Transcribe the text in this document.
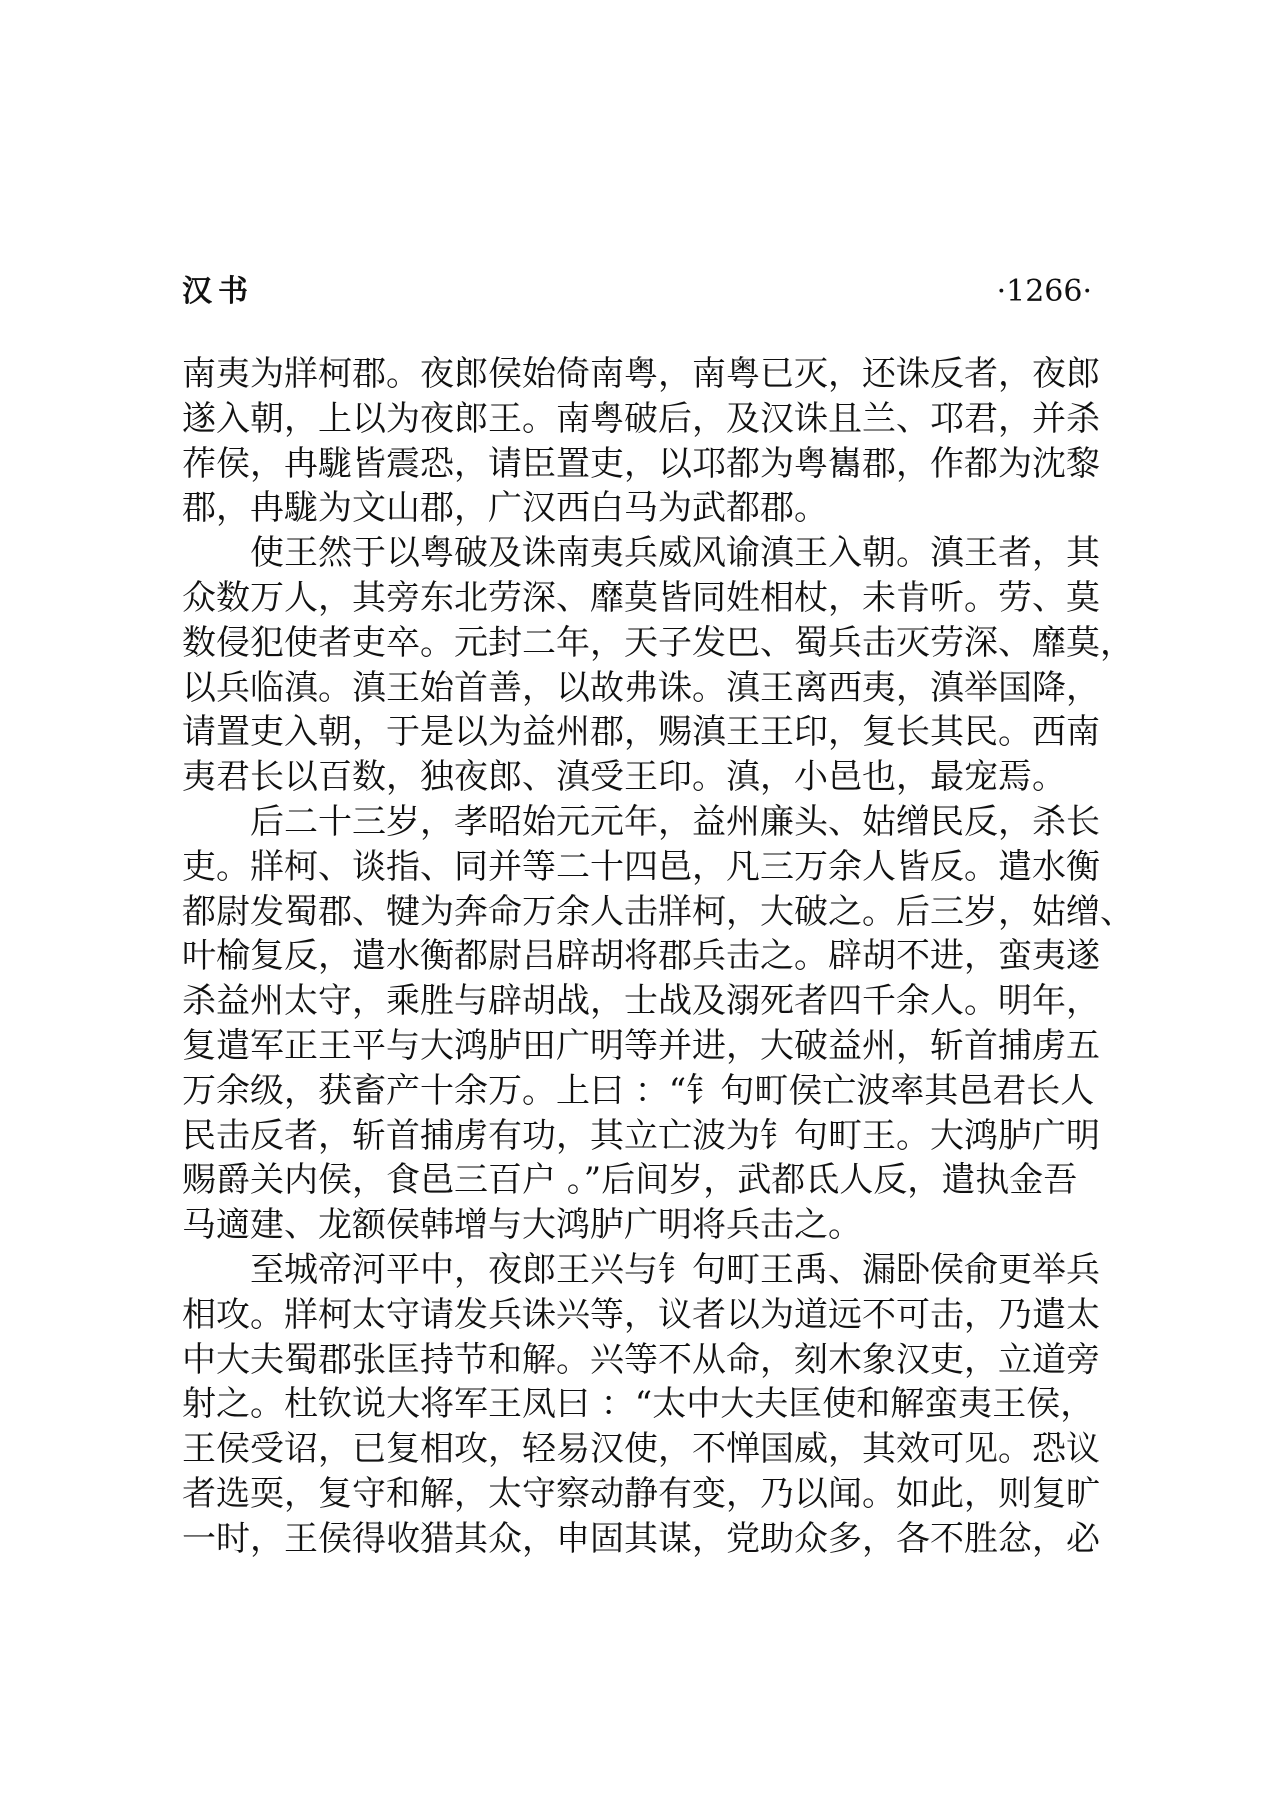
汉书	·1266·
南夷为牂柯郡。夜郎侯始倚南粤，南粤已灭，还诛反者，夜郎
遂入朝，上以为夜郎王。南粤破后，及汉诛且兰、邛君，并杀
莋侯，冉駹皆震恐，请臣置吏，以邛都为粤巂郡，作都为沈黎
郡，冉駹为文山郡，广汉西白马为武都郡。
使王然于以粤破及诛南夷兵威风谕滇王入朝。滇王者，其
众数万人，其旁东北劳深、靡莫皆同姓相杖，未肯听。劳、莫
数侵犯使者吏卒。元封二年，天子发巴、蜀兵击灭劳深、靡莫，
以兵临滇。滇王始首善，以故弗诛。滇王离西夷，滇举国降，
请置吏入朝，于是以为益州郡，赐滇王王印，复长其民。西南
夷君长以百数，独夜郎、滇受王印。滇，小邑也，最宠焉。
后二十三岁，孝昭始元元年，益州廉头、姑缯民反，杀长
吏。牂柯、谈指、同并等二十四邑，凡三万余人皆反。遣水衡
都尉发蜀郡、犍为奔命万余人击牂柯，大破之。后三岁，姑缯、
叶榆复反，遣水衡都尉吕辟胡将郡兵击之。辟胡不进，蛮夷遂
杀益州太守，乘胜与辟胡战，士战及溺死者四千余人。明年，
复遣军正王平与大鸿胪田广明等并进，大破益州，斩首捕虏五
万余级，获畜产十余万。上曰 ：“钅句町侯亡波率其邑君长人
民击反者，斩首捕虏有功，其立亡波为钅句町王。大鸿胪广明
赐爵关内侯，食邑三百户 。”后间岁，武都氐人反，遣执金吾
马適建、龙额侯韩增与大鸿胪广明将兵击之。
至城帝河平中，夜郎王兴与钅句町王禹、漏卧侯俞更举兵
相攻。牂柯太守请发兵诛兴等，议者以为道远不可击，乃遣太
中大夫蜀郡张匡持节和解。兴等不从命，刻木象汉吏，立道旁
射之。杜钦说大将军王凤曰 ：“太中大夫匡使和解蛮夷王侯，
王侯受诏，已复相攻，轻易汉使，不惮国威，其效可见。恐议
者选耎，复守和解，太守察动静有变，乃以闻。如此，则复旷
一时，王侯得收猎其众，申固其谋，党助众多，各不胜忿，必
